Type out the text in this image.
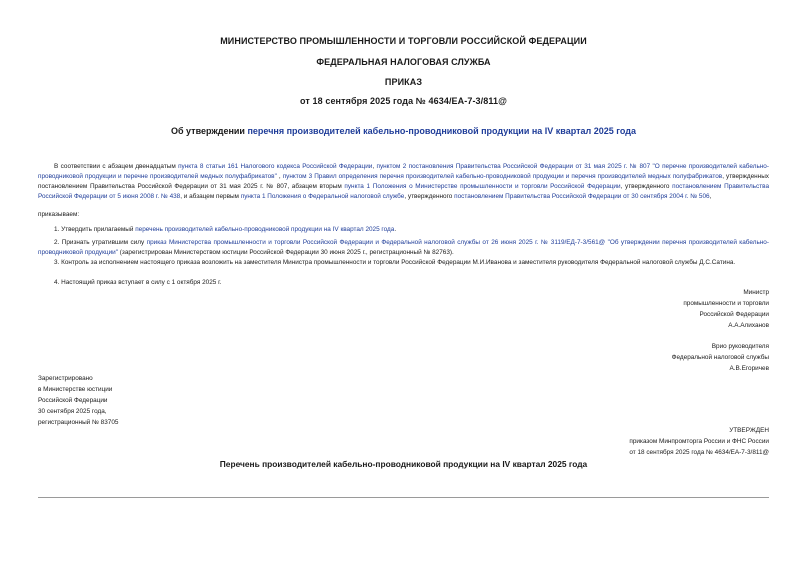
МИНИСТЕРСТВО ПРОМЫШЛЕННОСТИ И ТОРГОВЛИ РОССИЙСКОЙ ФЕДЕРАЦИИ
ФЕДЕРАЛЬНАЯ НАЛОГОВАЯ СЛУЖБА
ПРИКАЗ
от 18 сентября 2025 года № 4634/ЕА-7-3/811@
Об утверждении перечня производителей кабельно-проводниковой продукции на IV квартал 2025 года

В соответствии с абзацем двенадцатым пункта 8 статьи 161 Налогового кодекса Российской Федерации, пунктом 2 постановления Правительства Российской Федерации от 31 мая 2025 г. № 807 "О перечне производителей кабельно-проводниковой продукции и перечне производителей медных полуфабрикатов" , пунктом 3 Правил определения перечня производителей кабельно-проводниковой продукции и перечня производителей медных полуфабрикатов, утвержденных постановлением Правительства Российской Федерации от 31 мая 2025 г. № 807, абзацем вторым пункта 1 Положения о Министерстве промышленности и торговли Российской Федерации, утвержденного постановлением Правительства Российской Федерации от 5 июня 2008 г. № 438, и абзацем первым пункта 1 Положения о Федеральной налоговой службе, утвержденного постановлением Правительства Российской Федерации от 30 сентября 2004 г. № 506,

приказываем:

1. Утвердить прилагаемый перечень производителей кабельно-проводниковой продукции на IV квартал 2025 года.

2. Признать утратившим силу приказ Министерства промышленности и торговли Российской Федерации и Федеральной налоговой службы от 26 июня 2025 г. № 3119/ЕД-7-3/561@ "Об утверждении перечня производителей кабельно-проводниковой продукции" (зарегистрирован Министерством юстиции Российской Федерации 30 июня 2025 г., регистрационный № 82763).

3. Контроль за исполнением настоящего приказа возложить на заместителя Министра промышленности и торговли Российской Федерации М.И.Иванова и заместителя руководителя Федеральной налоговой службы Д.С.Сатина.

4. Настоящий приказ вступает в силу с 1 октября 2025 г.

Министр
промышленности и торговли
Российской Федерации
А.А.Алиханов
Врио руководителя
Федеральной налоговой службы
А.В.Егоричев
Зарегистрировано
в Министерстве юстиции
Российской Федерации
30 сентября 2025 года,
регистрационный № 83705
УТВЕРЖДЕН
приказом Минпромторга России и ФНС России
от 18 сентября 2025 года № 4634/ЕА-7-3/811@
Перечень производителей кабельно-проводниковой продукции на IV квартал 2025 года
